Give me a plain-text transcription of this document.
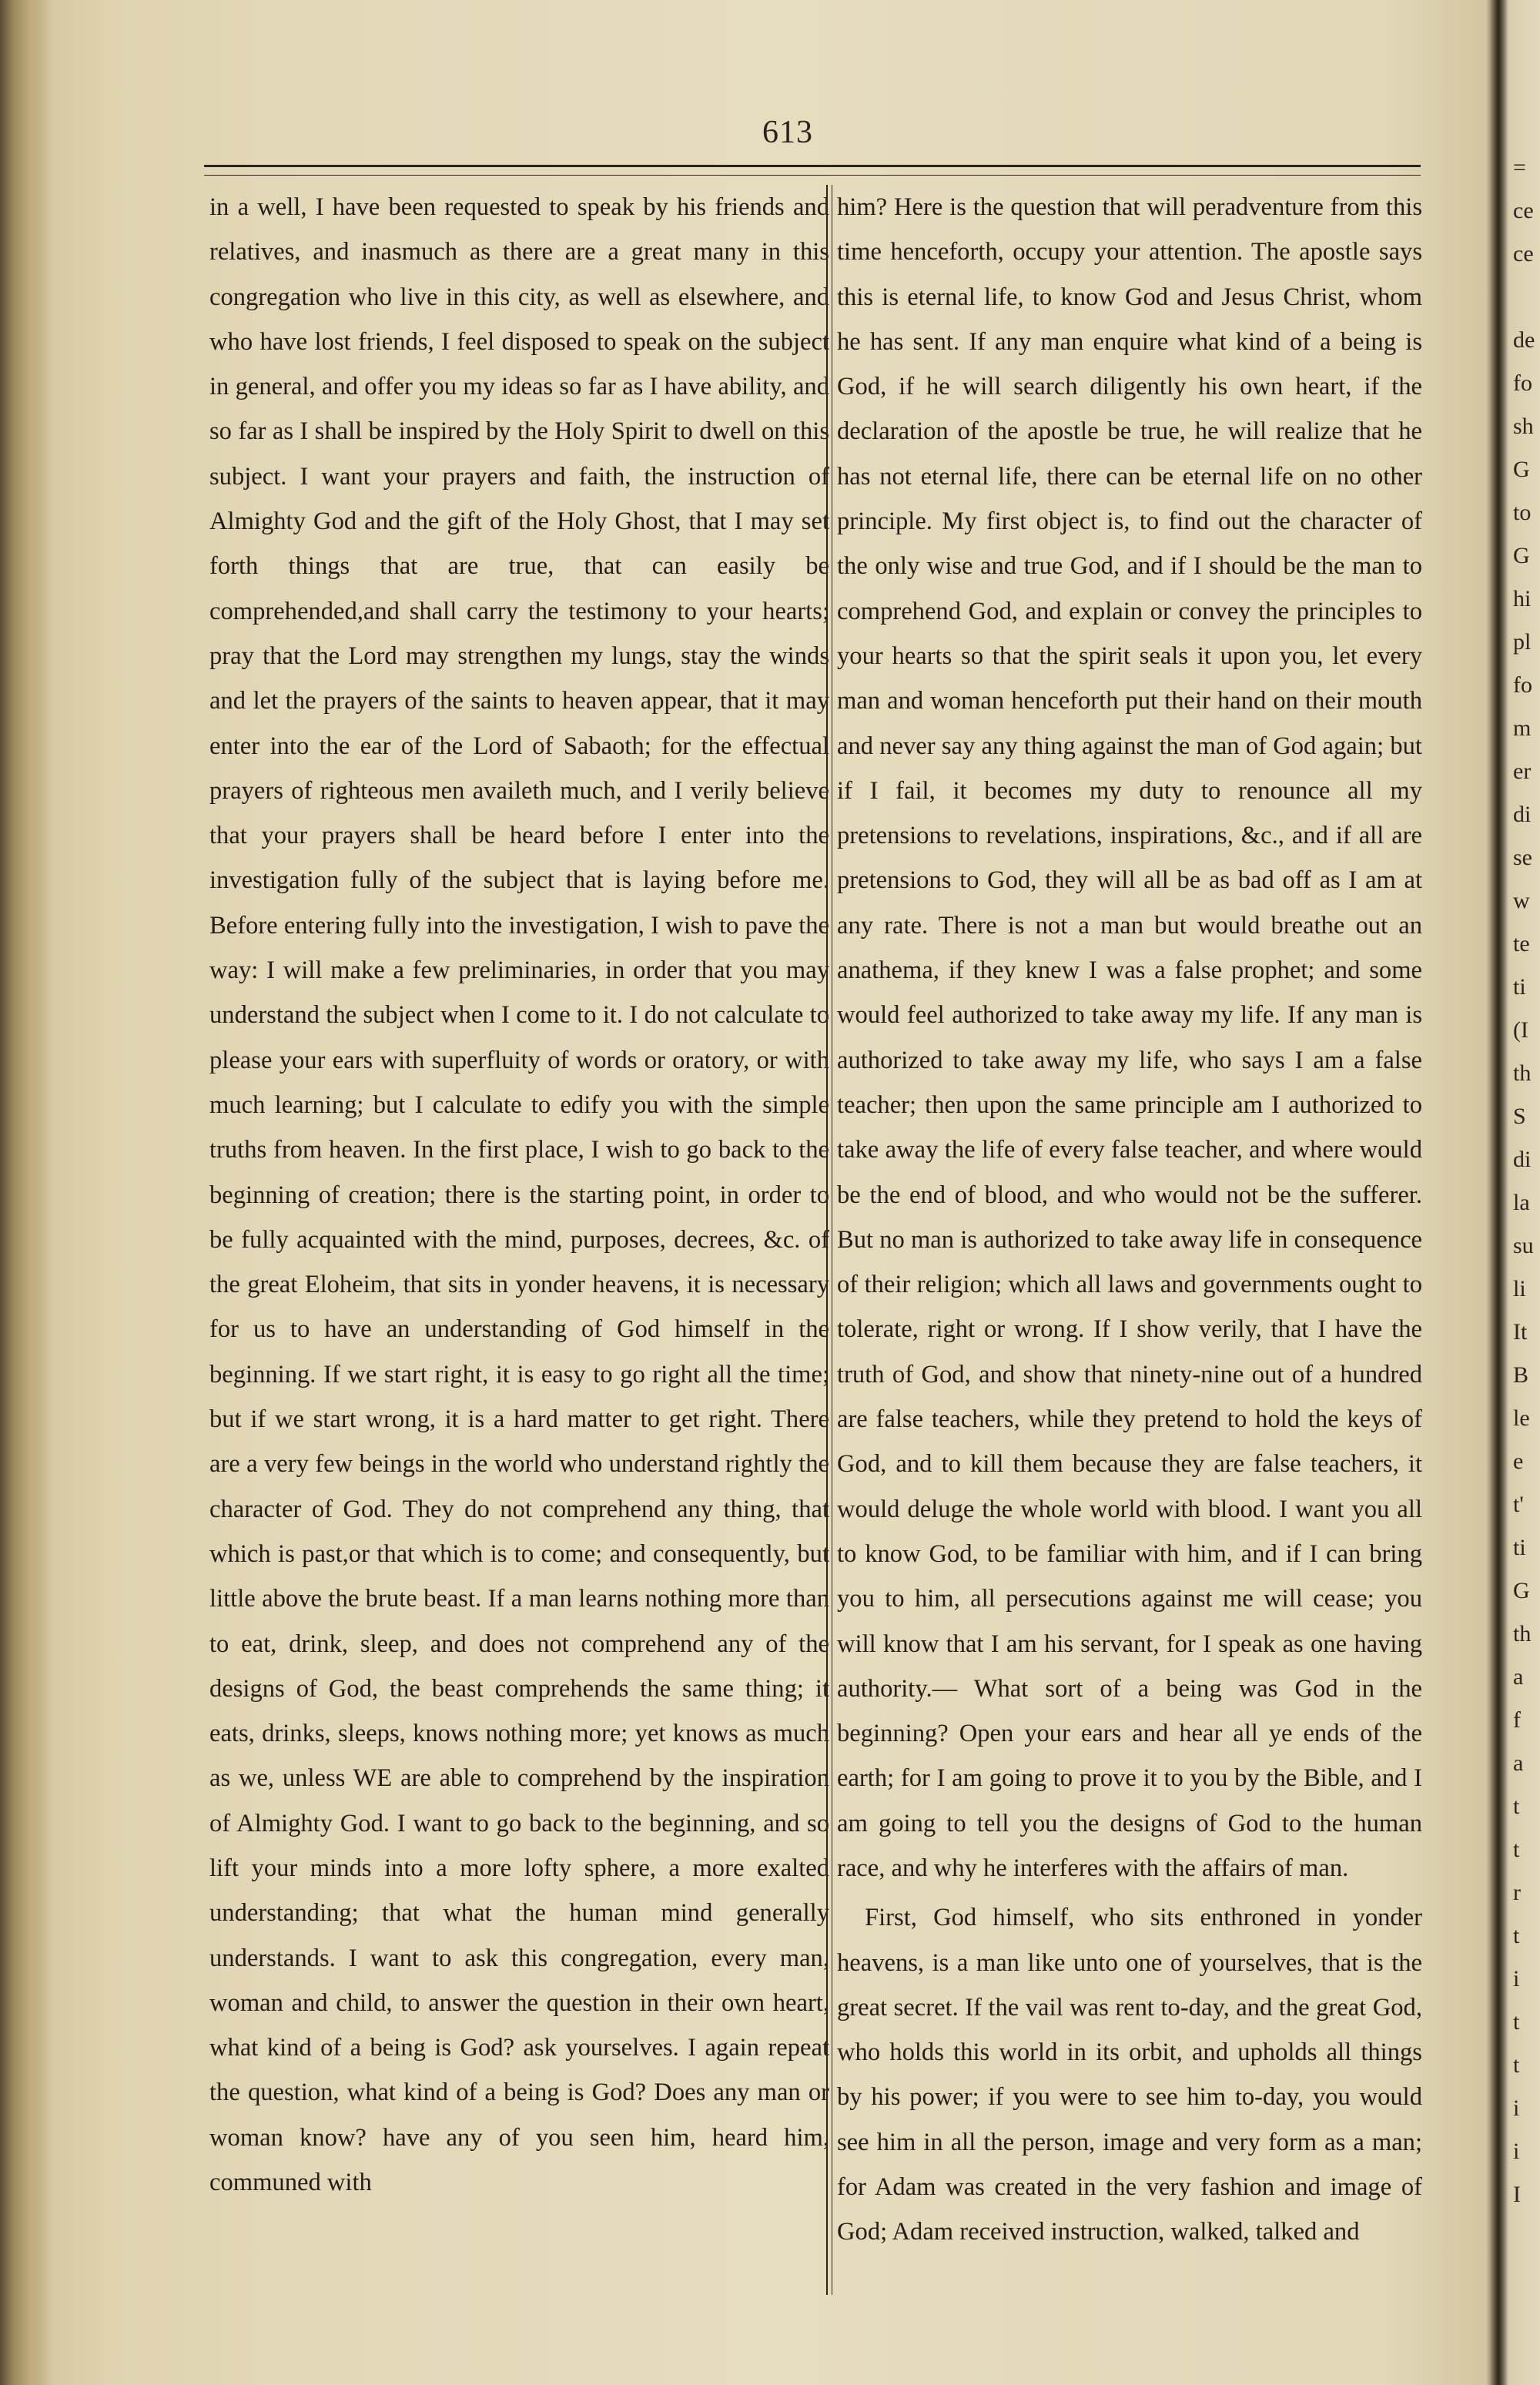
613

in a well, I have been requested to speak by his friends and relatives, and inasmuch as there are a great many in this congregation who live in this city, as well as elsewhere, and who have lost friends, I feel disposed to speak on the subject in general, and offer you my ideas so far as I have ability, and so far as I shall be inspired by the Holy Spirit to dwell on this subject. I want your prayers and faith, the instruction of Almighty God and the gift of the Holy Ghost, that I may set forth things that are true, that can easily be comprehended,and shall carry the testimony to your hearts; pray that the Lord may strengthen my lungs, stay the winds and let the prayers of the saints to heaven appear, that it may enter into the ear of the Lord of Sabaoth; for the effectual prayers of righteous men availeth much, and I verily believe that your prayers shall be heard before I enter into the investigation fully of the subject that is laying before me. Before entering fully into the investigation, I wish to pave the way: I will make a few preliminaries, in order that you may understand the subject when I come to it. I do not calculate to please your ears with superfluity of words or oratory, or with much learning; but I calculate to edify you with the simple truths from heaven. In the first place, I wish to go back to the beginning of creation; there is the starting point, in order to be fully acquainted with the mind, purposes, decrees, &c. of the great Eloheim, that sits in yonder heavens, it is necessary for us to have an understanding of God himself in the beginning. If we start right, it is easy to go right all the time; but if we start wrong, it is a hard matter to get right. There are a very few beings in the world who understand rightly the character of God. They do not comprehend any thing, that which is past,or that which is to come; and consequently, but little above the brute beast. If a man learns nothing more than to eat, drink, sleep, and does not comprehend any of the designs of God, the beast comprehends the same thing; it eats, drinks, sleeps, knows nothing more; yet knows as much as we, unless WE are able to comprehend by the inspiration of Almighty God. I want to go back to the beginning, and so lift your minds into a more lofty sphere, a more exalted understanding; that what the human mind generally understands. I want to ask this congregation, every man, woman and child, to answer the question in their own heart, what kind of a being is God? ask yourselves. I again repeat the question, what kind of a being is God? Does any man or woman know? have any of you seen him, heard him, communed with

him? Here is the question that will peradventure from this time henceforth, occupy your attention. The apostle says this is eternal life, to know God and Jesus Christ, whom he has sent. If any man enquire what kind of a being is God, if he will search diligently his own heart, if the declaration of the apostle be true, he will realize that he has not eternal life, there can be eternal life on no other principle. My first object is, to find out the character of the only wise and true God, and if I should be the man to comprehend God, and explain or convey the principles to your hearts so that the spirit seals it upon you, let every man and woman henceforth put their hand on their mouth and never say any thing against the man of God again; but if I fail, it becomes my duty to renounce all my pretensions to revelations, inspirations, &c., and if all are pretensions to God, they will all be as bad off as I am at any rate. There is not a man but would breathe out an anathema, if they knew I was a false prophet; and some would feel authorized to take away my life. If any man is authorized to take away my life, who says I am a false teacher; then upon the same principle am I authorized to take away the life of every false teacher, and where would be the end of blood, and who would not be the sufferer. But no man is authorized to take away life in consequence of their religion; which all laws and governments ought to tolerate, right or wrong. If I show verily, that I have the truth of God, and show that ninety-nine out of a hundred are false teachers, while they pretend to hold the keys of God, and to kill them because they are false teachers, it would deluge the whole world with blood. I want you all to know God, to be familiar with him, and if I can bring you to him, all persecutions against me will cease; you will know that I am his servant, for I speak as one having authority.— What sort of a being was God in the beginning? Open your ears and hear all ye ends of the earth; for I am going to prove it to you by the Bible, and I am going to tell you the designs of God to the human race, and why he interferes with the affairs of man.

First, God himself, who sits enthroned in yonder heavens, is a man like unto one of yourselves, that is the great secret. If the vail was rent to-day, and the great God, who holds this world in its orbit, and upholds all things by his power; if you were to see him to-day, you would see him in all the person, image and very form as a man; for Adam was created in the very fashion and image of God; Adam received instruction, walked, talked and

=
ce
ce
de
fo
sh
G
to
G
hi
pl
fo
m
er
di
se
w
te
ti
(I
th
S
di
la
su
li
It
B
le
e
t'
ti
G
th
a
f
a
t
t
r
t
i
t
t
i
i
I
